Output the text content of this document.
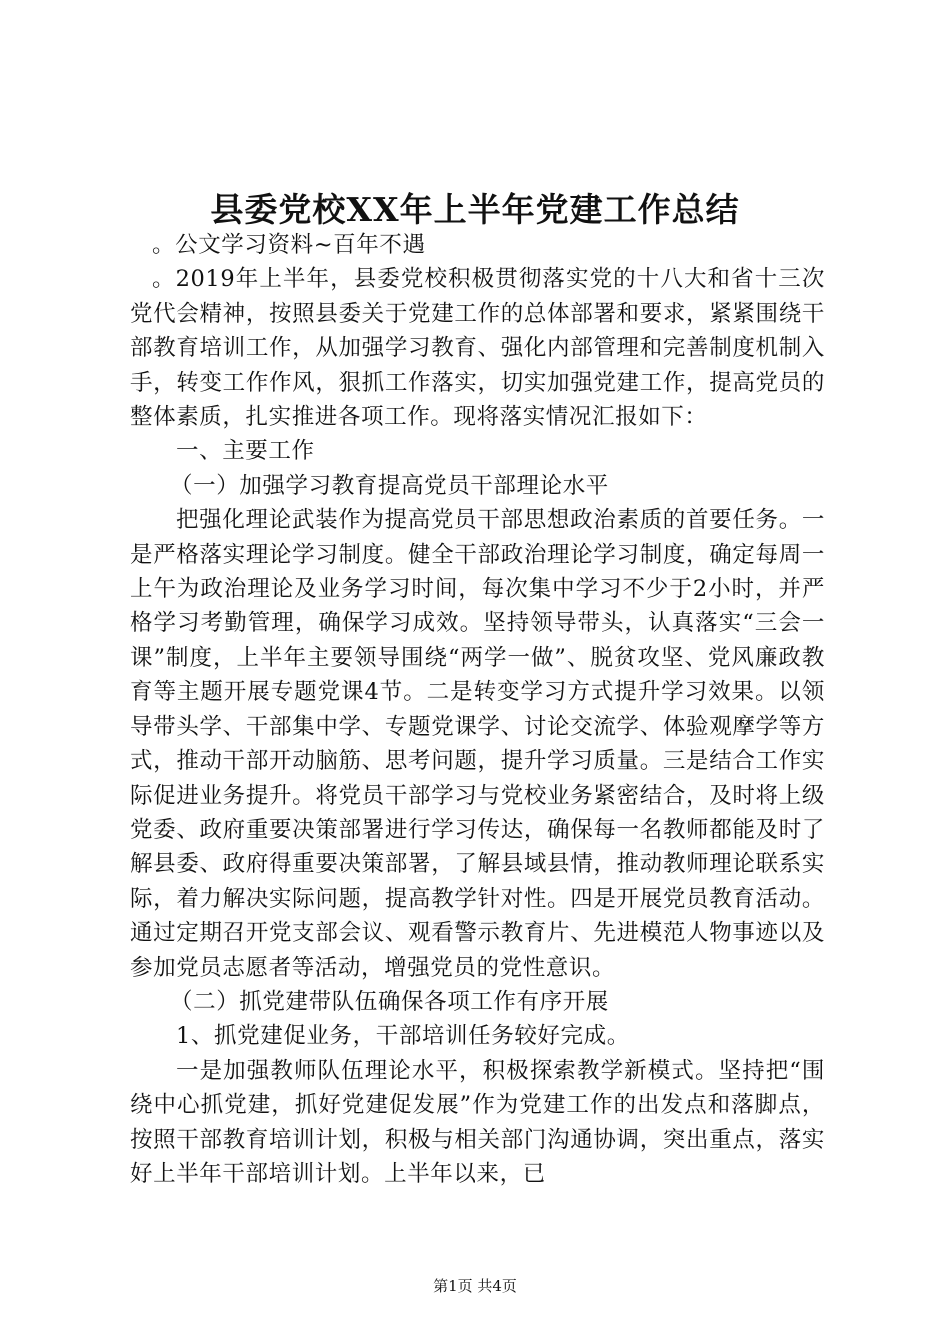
县委党校XX年上半年党建工作总结

。公文学习资料~百年不遇

。2019年上半年，县委党校积极贯彻落实党的十八大和省十三次党代会精神，按照县委关于党建工作的总体部署和要求，紧紧围绕干部教育培训工作，从加强学习教育、强化内部管理和完善制度机制入手，转变工作作风，狠抓工作落实，切实加强党建工作，提高党员的整体素质，扎实推进各项工作。现将落实情况汇报如下：

一、主要工作

（一）加强学习教育提高党员干部理论水平

把强化理论武装作为提高党员干部思想政治素质的首要任务。一是严格落实理论学习制度。健全干部政治理论学习制度，确定每周一上午为政治理论及业务学习时间，每次集中学习不少于2小时，并严格学习考勤管理，确保学习成效。坚持领导带头，认真落实“三会一课”制度，上半年主要领导围绕“两学一做”、脱贫攻坚、党风廉政教育等主题开展专题党课4节。二是转变学习方式提升学习效果。以领导带头学、干部集中学、专题党课学、讨论交流学、体验观摩学等方式，推动干部开动脑筋、思考问题，提升学习质量。三是结合工作实际促进业务提升。将党员干部学习与党校业务紧密结合，及时将上级党委、政府重要决策部署进行学习传达，确保每一名教师都能及时了解县委、政府得重要决策部署，了解县域县情，推动教师理论联系实际，着力解决实际问题，提高教学针对性。四是开展党员教育活动。通过定期召开党支部会议、观看警示教育片、先进模范人物事迹以及参加党员志愿者等活动，增强党员的党性意识。

（二）抓党建带队伍确保各项工作有序开展

1、抓党建促业务，干部培训任务较好完成。

一是加强教师队伍理论水平，积极探索教学新模式。坚持把“围绕中心抓党建，抓好党建促发展”作为党建工作的出发点和落脚点，按照干部教育培训计划，积极与相关部门沟通协调，突出重点，落实好上半年干部培训计划。上半年以来，已

第1页 共4页
